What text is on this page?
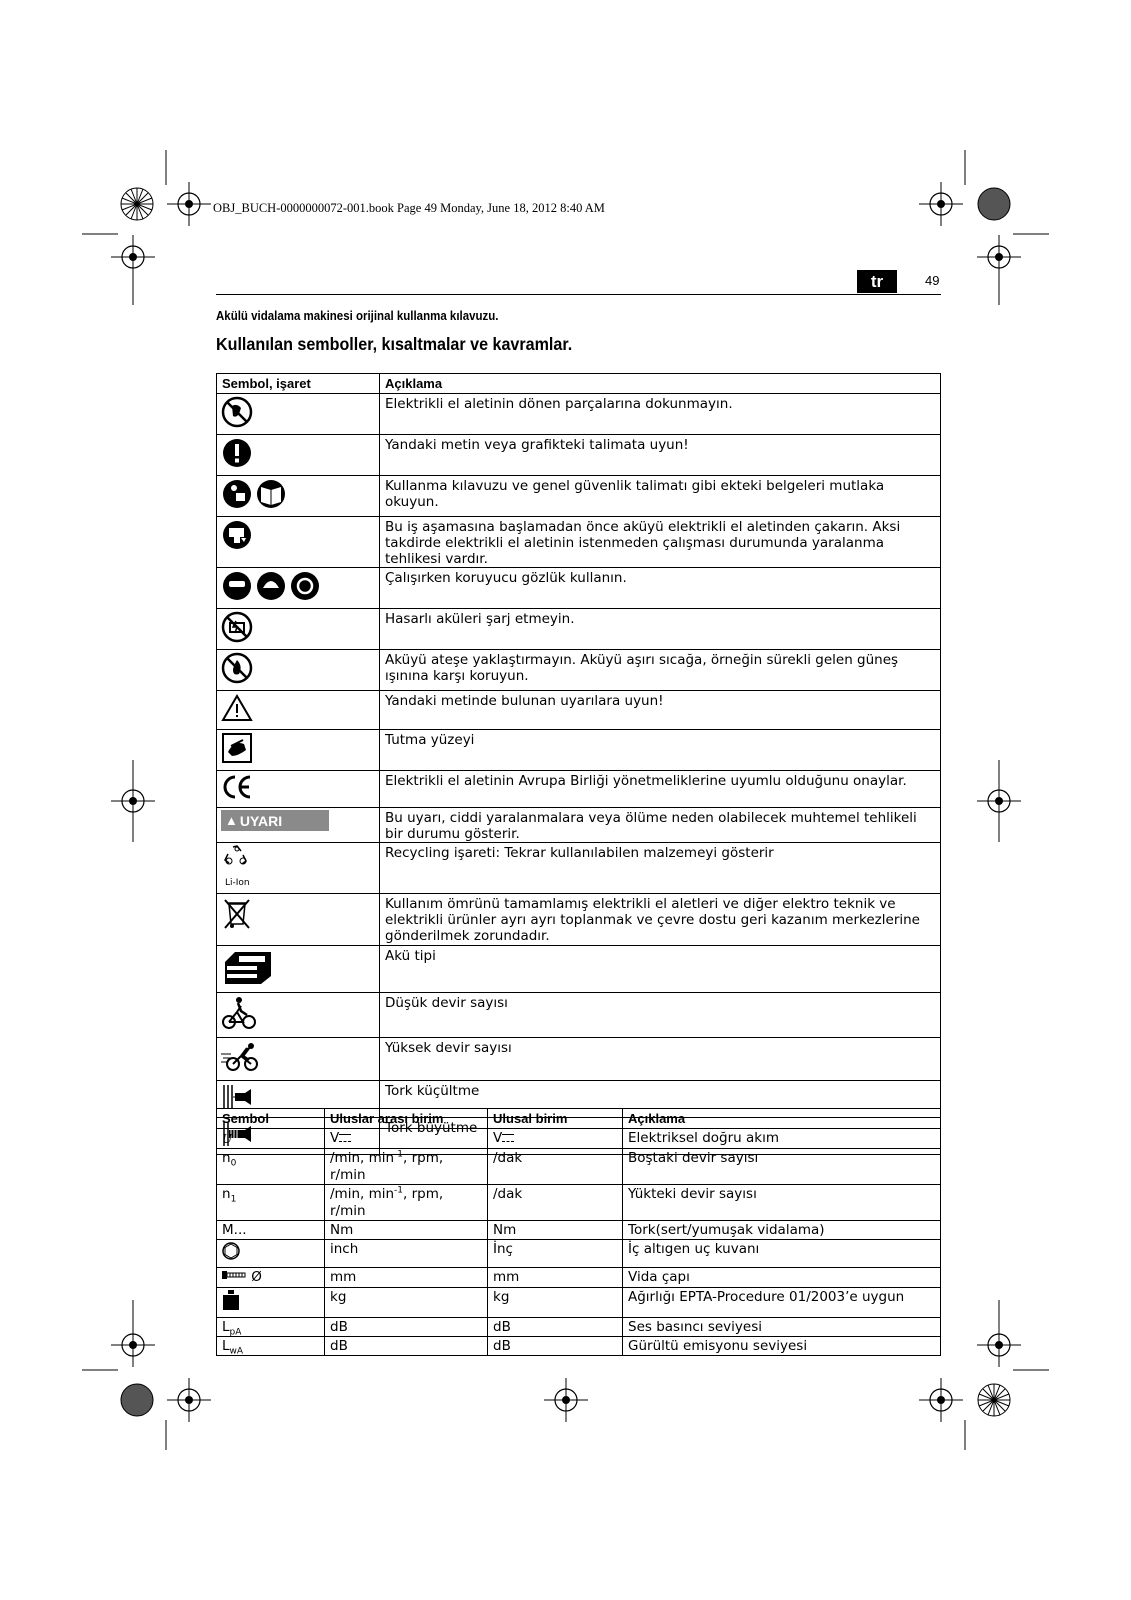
OBJ_BUCH-0000000072-001.book Page 49 Monday, June 18, 2012 8:40 AM
tr	49
Akülü vidalama makinesi orijinal kullanma kılavuzu.
Kullanılan semboller, kısaltmalar ve kavramlar.
Sembol, işaret	Açıklama
	Elektrikli el aletinin dönen parçalarına dokunmayın.
	Yandaki metin veya grafikteki talimata uyun!
	Kullanma kılavuzu ve genel güvenlik talimatı gibi ekteki belgeleri mutlaka okuyun.
	Bu iş aşamasına başlamadan önce aküyü elektrikli el aletinden çakarın. Aksi takdirde elektrikli el aletinin istenmeden çalışması durumunda yaralanma tehlikesi vardır.
	Çalışırken koruyucu gözlük kullanın.
	Hasarlı aküleri şarj etmeyin.
	Aküyü ateşe yaklaştırmayın. Aküyü aşırı sıcağa, örneğin sürekli gelen güneş ışınına karşı koruyun.
	Yandaki metinde bulunan uyarılara uyun!
	Tutma yüzeyi
	Elektrikli el aletinin Avrupa Birliği yönetmeliklerine uyumlu olduğunu onaylar.

▲ UYARI	Bu uyarı, ciddi yaralanmalara veya ölüme neden olabilecek muhtemel tehlikeli bir durumu gösterir.

Li-Ion	Recycling işareti: Tekrar kullanılabilen malzemeyi gösterir
	Kullanım ömrünü tamamlamış elektrikli el aletleri ve diğer elektro teknik ve elektrikli ürünler ayrı ayrı toplanmak ve çevre dostu geri kazanım merkezlerine gönderilmek zorundadır.
	Akü tipi
	Düşük devir sayısı
	Yüksek devir sayısı
	Tork küçültme
	Tork büyütme
Sembol	Uluslar arası birim	Ulusal birim	Açıklama
U	V	V	Elektriksel doğru akım
$n_0$	/min, $\min^{-1}$, rpm, r/min	/dak	Boştaki devir sayısı
$n_1$	/min, $\min^{-1}$, rpm, r/min	/dak	Yükteki devir sayısı
M...	Nm	Nm	Tork(sert/yumuşak vidalama)
	inch	İnç	İç altıgen uç kuvanı
Ø	mm	mm	Vida çapı
	kg	kg	Ağırlığı EPTA-Procedure 01/2003’e uygun
$L_{pA}$	dB	dB	Ses basıncı seviyesi
$L_{wA}$	dB	dB	Gürültü emisyonu seviyesi
